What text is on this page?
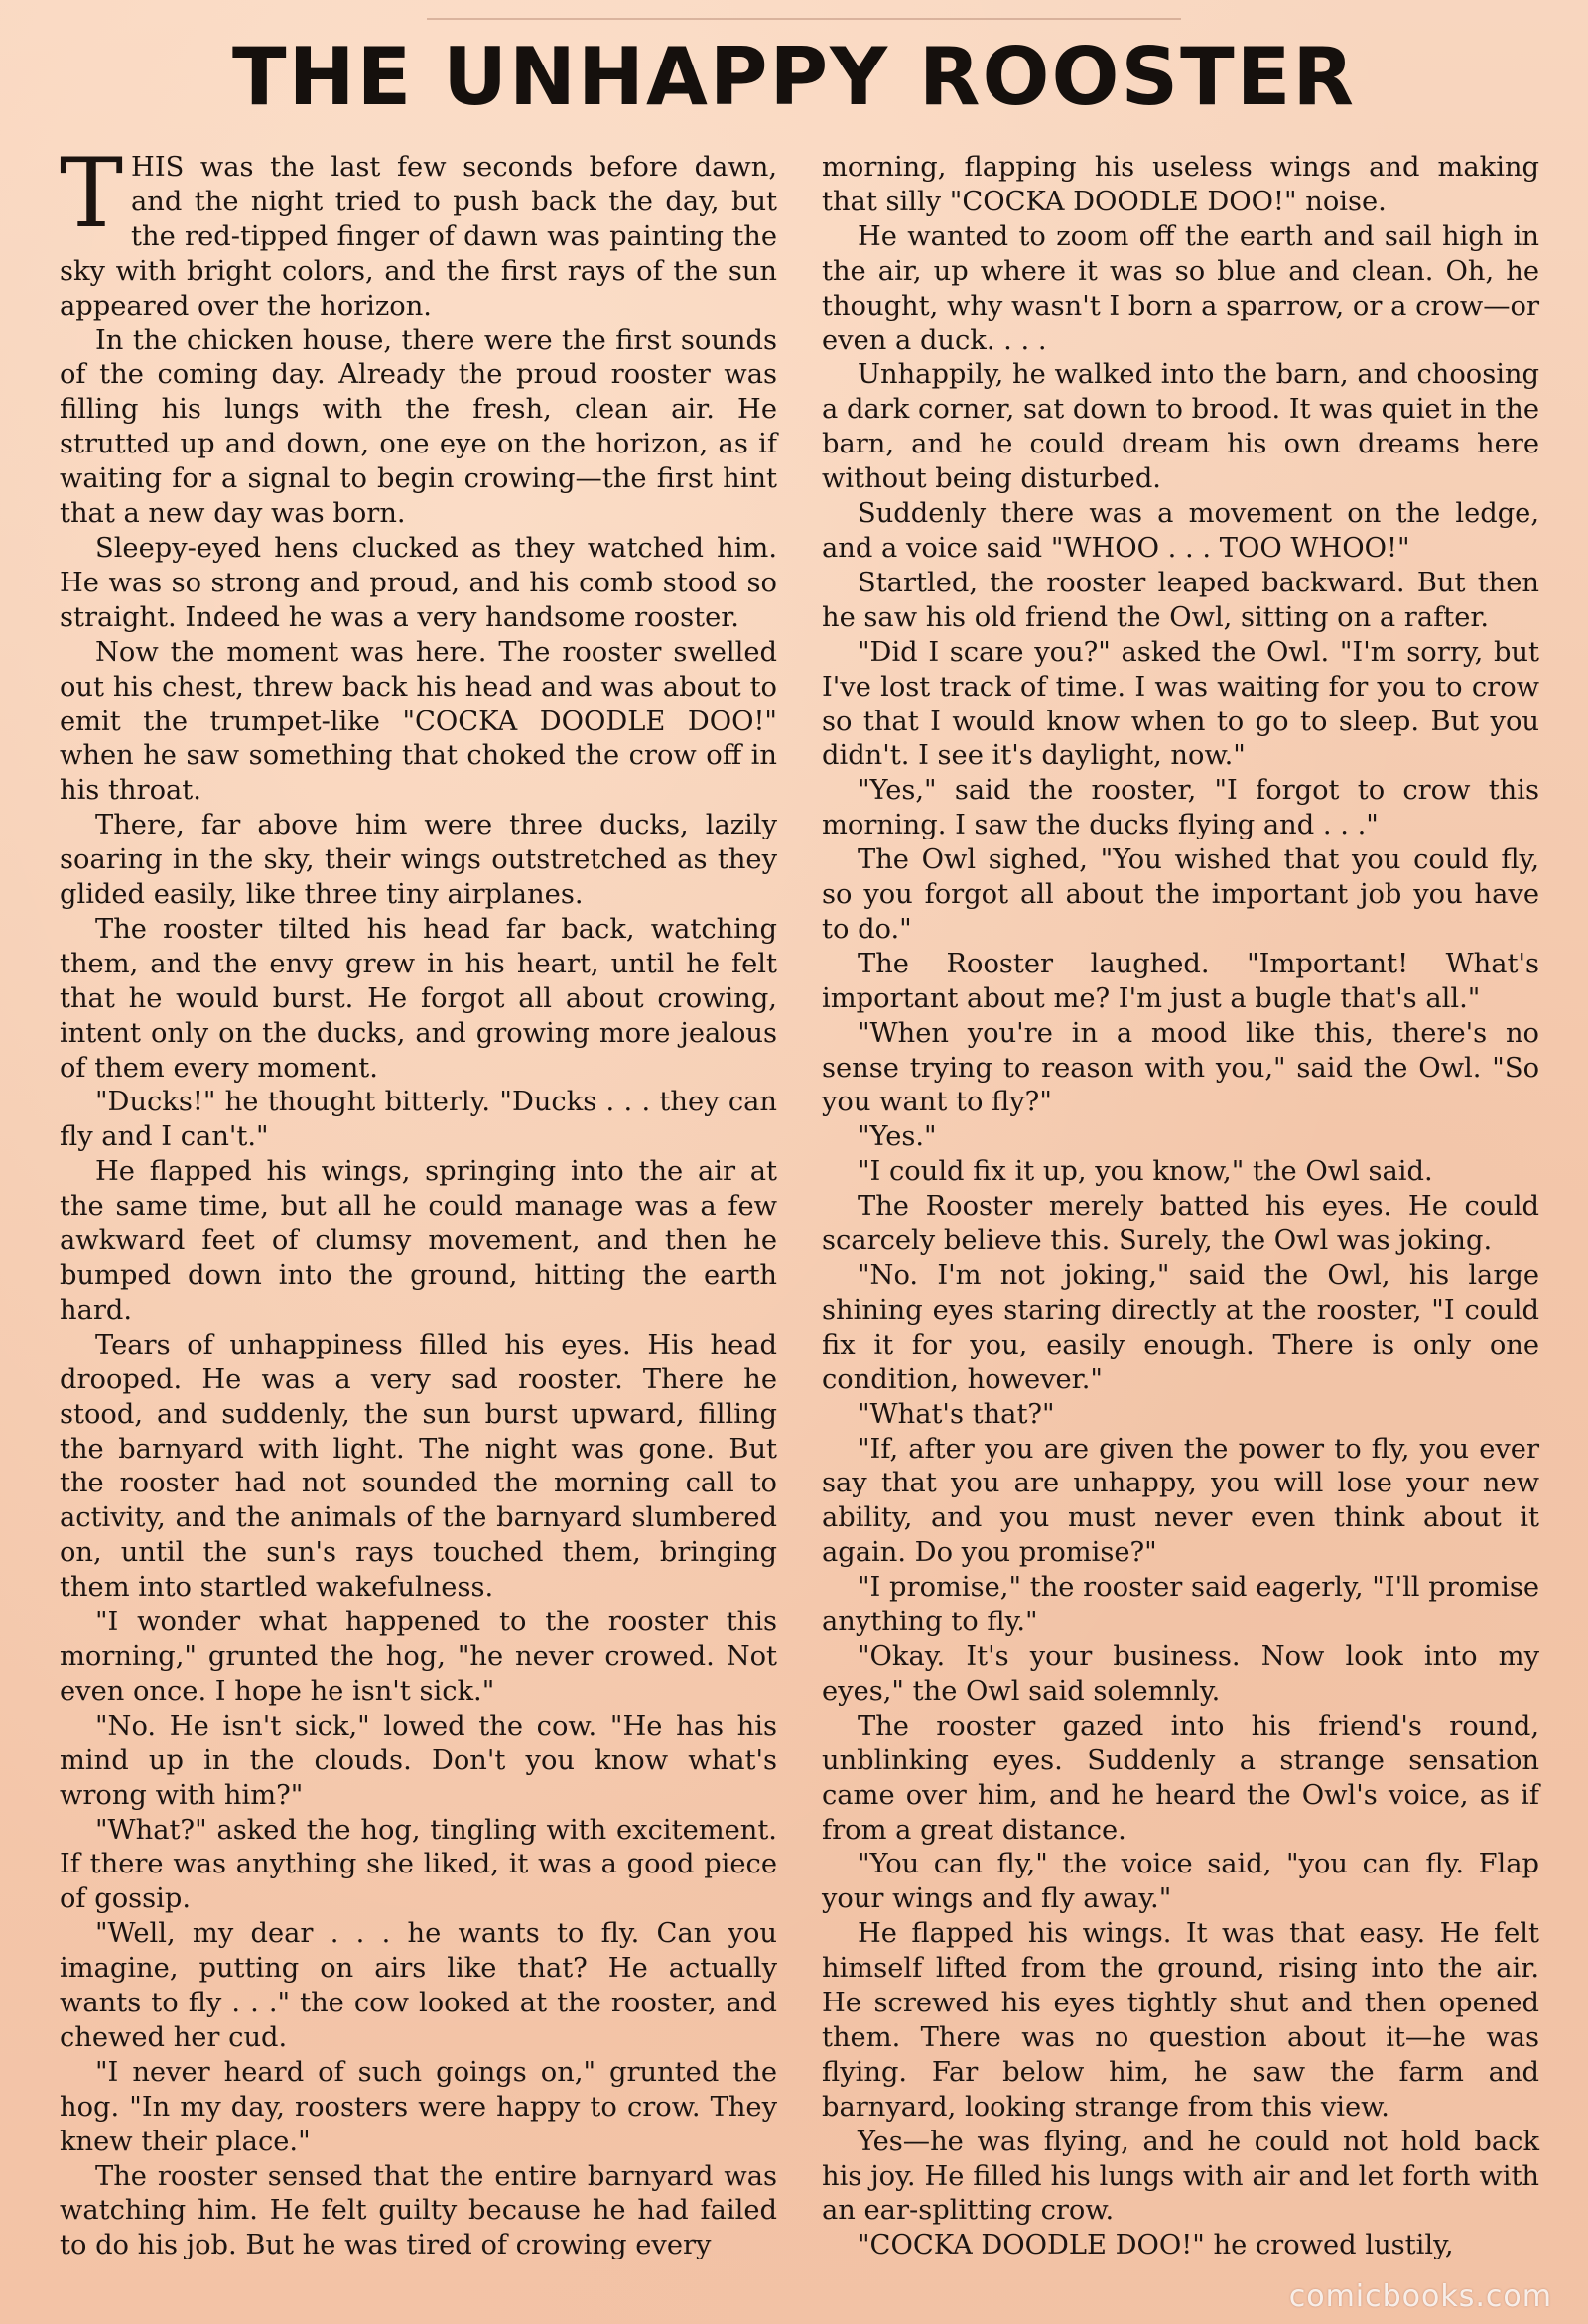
THE UNHAPPY ROOSTER

THIS was the last few seconds before dawn, and the night tried to push back the day, but the red-tipped finger of dawn was painting the sky with bright colors, and the first rays of the sun appeared over the horizon.

In the chicken house, there were the first sounds of the coming day. Already the proud rooster was filling his lungs with the fresh, clean air. He strutted up and down, one eye on the horizon, as if waiting for a signal to begin crowing—the first hint that a new day was born.

Sleepy-eyed hens clucked as they watched him. He was so strong and proud, and his comb stood so straight. Indeed he was a very handsome rooster.

Now the moment was here. The rooster swelled out his chest, threw back his head and was about to emit the trumpet-like "COCKA DOODLE DOO!" when he saw something that choked the crow off in his throat.

There, far above him were three ducks, lazily soaring in the sky, their wings outstretched as they glided easily, like three tiny airplanes.

The rooster tilted his head far back, watching them, and the envy grew in his heart, until he felt that he would burst. He forgot all about crowing, intent only on the ducks, and growing more jealous of them every moment.

"Ducks!" he thought bitterly. "Ducks . . . they can fly and I can't."

He flapped his wings, springing into the air at the same time, but all he could manage was a few awkward feet of clumsy movement, and then he bumped down into the ground, hitting the earth hard.

Tears of unhappiness filled his eyes. His head drooped. He was a very sad rooster. There he stood, and suddenly, the sun burst upward, filling the barnyard with light. The night was gone. But the rooster had not sounded the morning call to activity, and the animals of the barnyard slumbered on, until the sun's rays touched them, bringing them into startled wakefulness.

"I wonder what happened to the rooster this morning," grunted the hog, "he never crowed. Not even once. I hope he isn't sick."

"No. He isn't sick," lowed the cow. "He has his mind up in the clouds. Don't you know what's wrong with him?"

"What?" asked the hog, tingling with excitement. If there was anything she liked, it was a good piece of gossip.

"Well, my dear . . . he wants to fly. Can you imagine, putting on airs like that? He actually wants to fly . . ." the cow looked at the rooster, and chewed her cud.

"I never heard of such goings on," grunted the hog. "In my day, roosters were happy to crow. They knew their place."

The rooster sensed that the entire barnyard was watching him. He felt guilty because he had failed to do his job. But he was tired of crowing every

morning, flapping his useless wings and making that silly "COCKA DOODLE DOO!" noise.

He wanted to zoom off the earth and sail high in the air, up where it was so blue and clean. Oh, he thought, why wasn't I born a sparrow, or a crow—or even a duck. . . .

Unhappily, he walked into the barn, and choosing a dark corner, sat down to brood. It was quiet in the barn, and he could dream his own dreams here without being disturbed.

Suddenly there was a movement on the ledge, and a voice said "WHOO . . . TOO WHOO!"

Startled, the rooster leaped backward. But then he saw his old friend the Owl, sitting on a rafter.

"Did I scare you?" asked the Owl. "I'm sorry, but I've lost track of time. I was waiting for you to crow so that I would know when to go to sleep. But you didn't. I see it's daylight, now."

"Yes," said the rooster, "I forgot to crow this morning. I saw the ducks flying and . . ."

The Owl sighed, "You wished that you could fly, so you forgot all about the important job you have to do."

The Rooster laughed. "Important! What's important about me? I'm just a bugle that's all."

"When you're in a mood like this, there's no sense trying to reason with you," said the Owl. "So you want to fly?"

"Yes."

"I could fix it up, you know," the Owl said.

The Rooster merely batted his eyes. He could scarcely believe this. Surely, the Owl was joking.

"No. I'm not joking," said the Owl, his large shining eyes staring directly at the rooster, "I could fix it for you, easily enough. There is only one condition, however."

"What's that?"

"If, after you are given the power to fly, you ever say that you are unhappy, you will lose your new ability, and you must never even think about it again. Do you promise?"

"I promise," the rooster said eagerly, "I'll promise anything to fly."

"Okay. It's your business. Now look into my eyes," the Owl said solemnly.

The rooster gazed into his friend's round, unblinking eyes. Suddenly a strange sensation came over him, and he heard the Owl's voice, as if from a great distance.

"You can fly," the voice said, "you can fly. Flap your wings and fly away."

He flapped his wings. It was that easy. He felt himself lifted from the ground, rising into the air. He screwed his eyes tightly shut and then opened them. There was no question about it—he was flying. Far below him, he saw the farm and barnyard, looking strange from this view.

Yes—he was flying, and he could not hold back his joy. He filled his lungs with air and let forth with an ear-splitting crow.

"COCKA DOODLE DOO!" he crowed lustily,

comicbooks.com
